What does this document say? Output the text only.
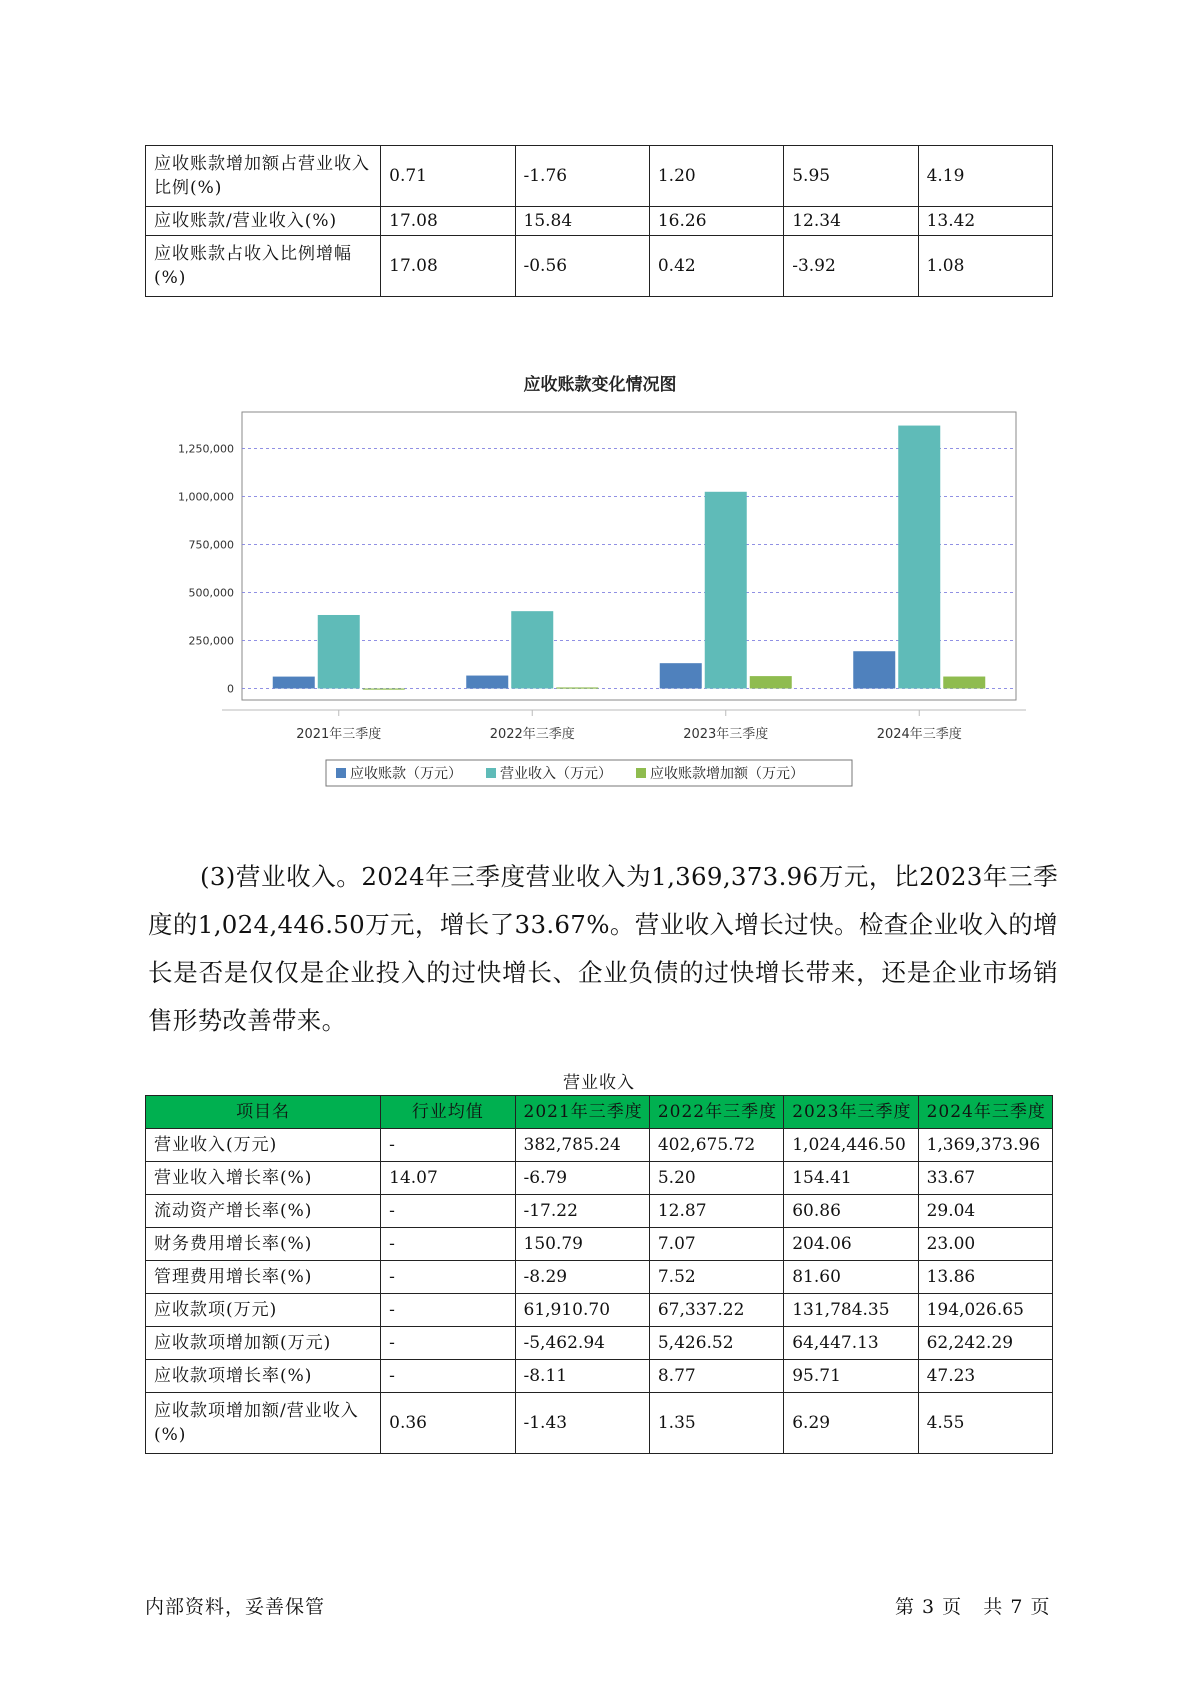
应收账款增加额占营业收入比例(%)	0.71	-1.76	1.20	5.95	4.19
应收账款/营业收入(%)	17.08	15.84	16.26	12.34	13.42
应收账款占收入比例增幅(%)	17.08	-0.56	0.42	-3.92	1.08
应收账款变化情况图
0
250,000
500,000
750,000
1,000,000
1,250,000
2021年三季度	2022年三季度	2023年三季度	2024年三季度
应收账款（万元）	营业收入（万元）	应收账款增加额（万元）

(3)营业收入。2024年三季度营业收入为1,369,373.96万元，比2023年三季度的1,024,446.50万元，增长了33.67%。营业收入增长过快。检查企业收入的增长是否是仅仅是企业投入的过快增长、企业负债的过快增长带来，还是企业市场销售形势改善带来。

营业收入
项目名	行业均值	2021年三季度	2022年三季度	2023年三季度	2024年三季度
营业收入(万元)	-	382,785.24	402,675.72	1,024,446.50	1,369,373.96
营业收入增长率(%)	14.07	-6.79	5.20	154.41	33.67
流动资产增长率(%)	-	-17.22	12.87	60.86	29.04
财务费用增长率(%)	-	150.79	7.07	204.06	23.00
管理费用增长率(%)	-	-8.29	7.52	81.60	13.86
应收款项(万元)	-	61,910.70	67,337.22	131,784.35	194,026.65
应收款项增加额(万元)	-	-5,462.94	5,426.52	64,447.13	62,242.29
应收款项增长率(%)	-	-8.11	8.77	95.71	47.23
应收款项增加额/营业收入(%)	0.36	-1.43	1.35	6.29	4.55
内部资料，妥善保管	第 3 页   共 7 页
